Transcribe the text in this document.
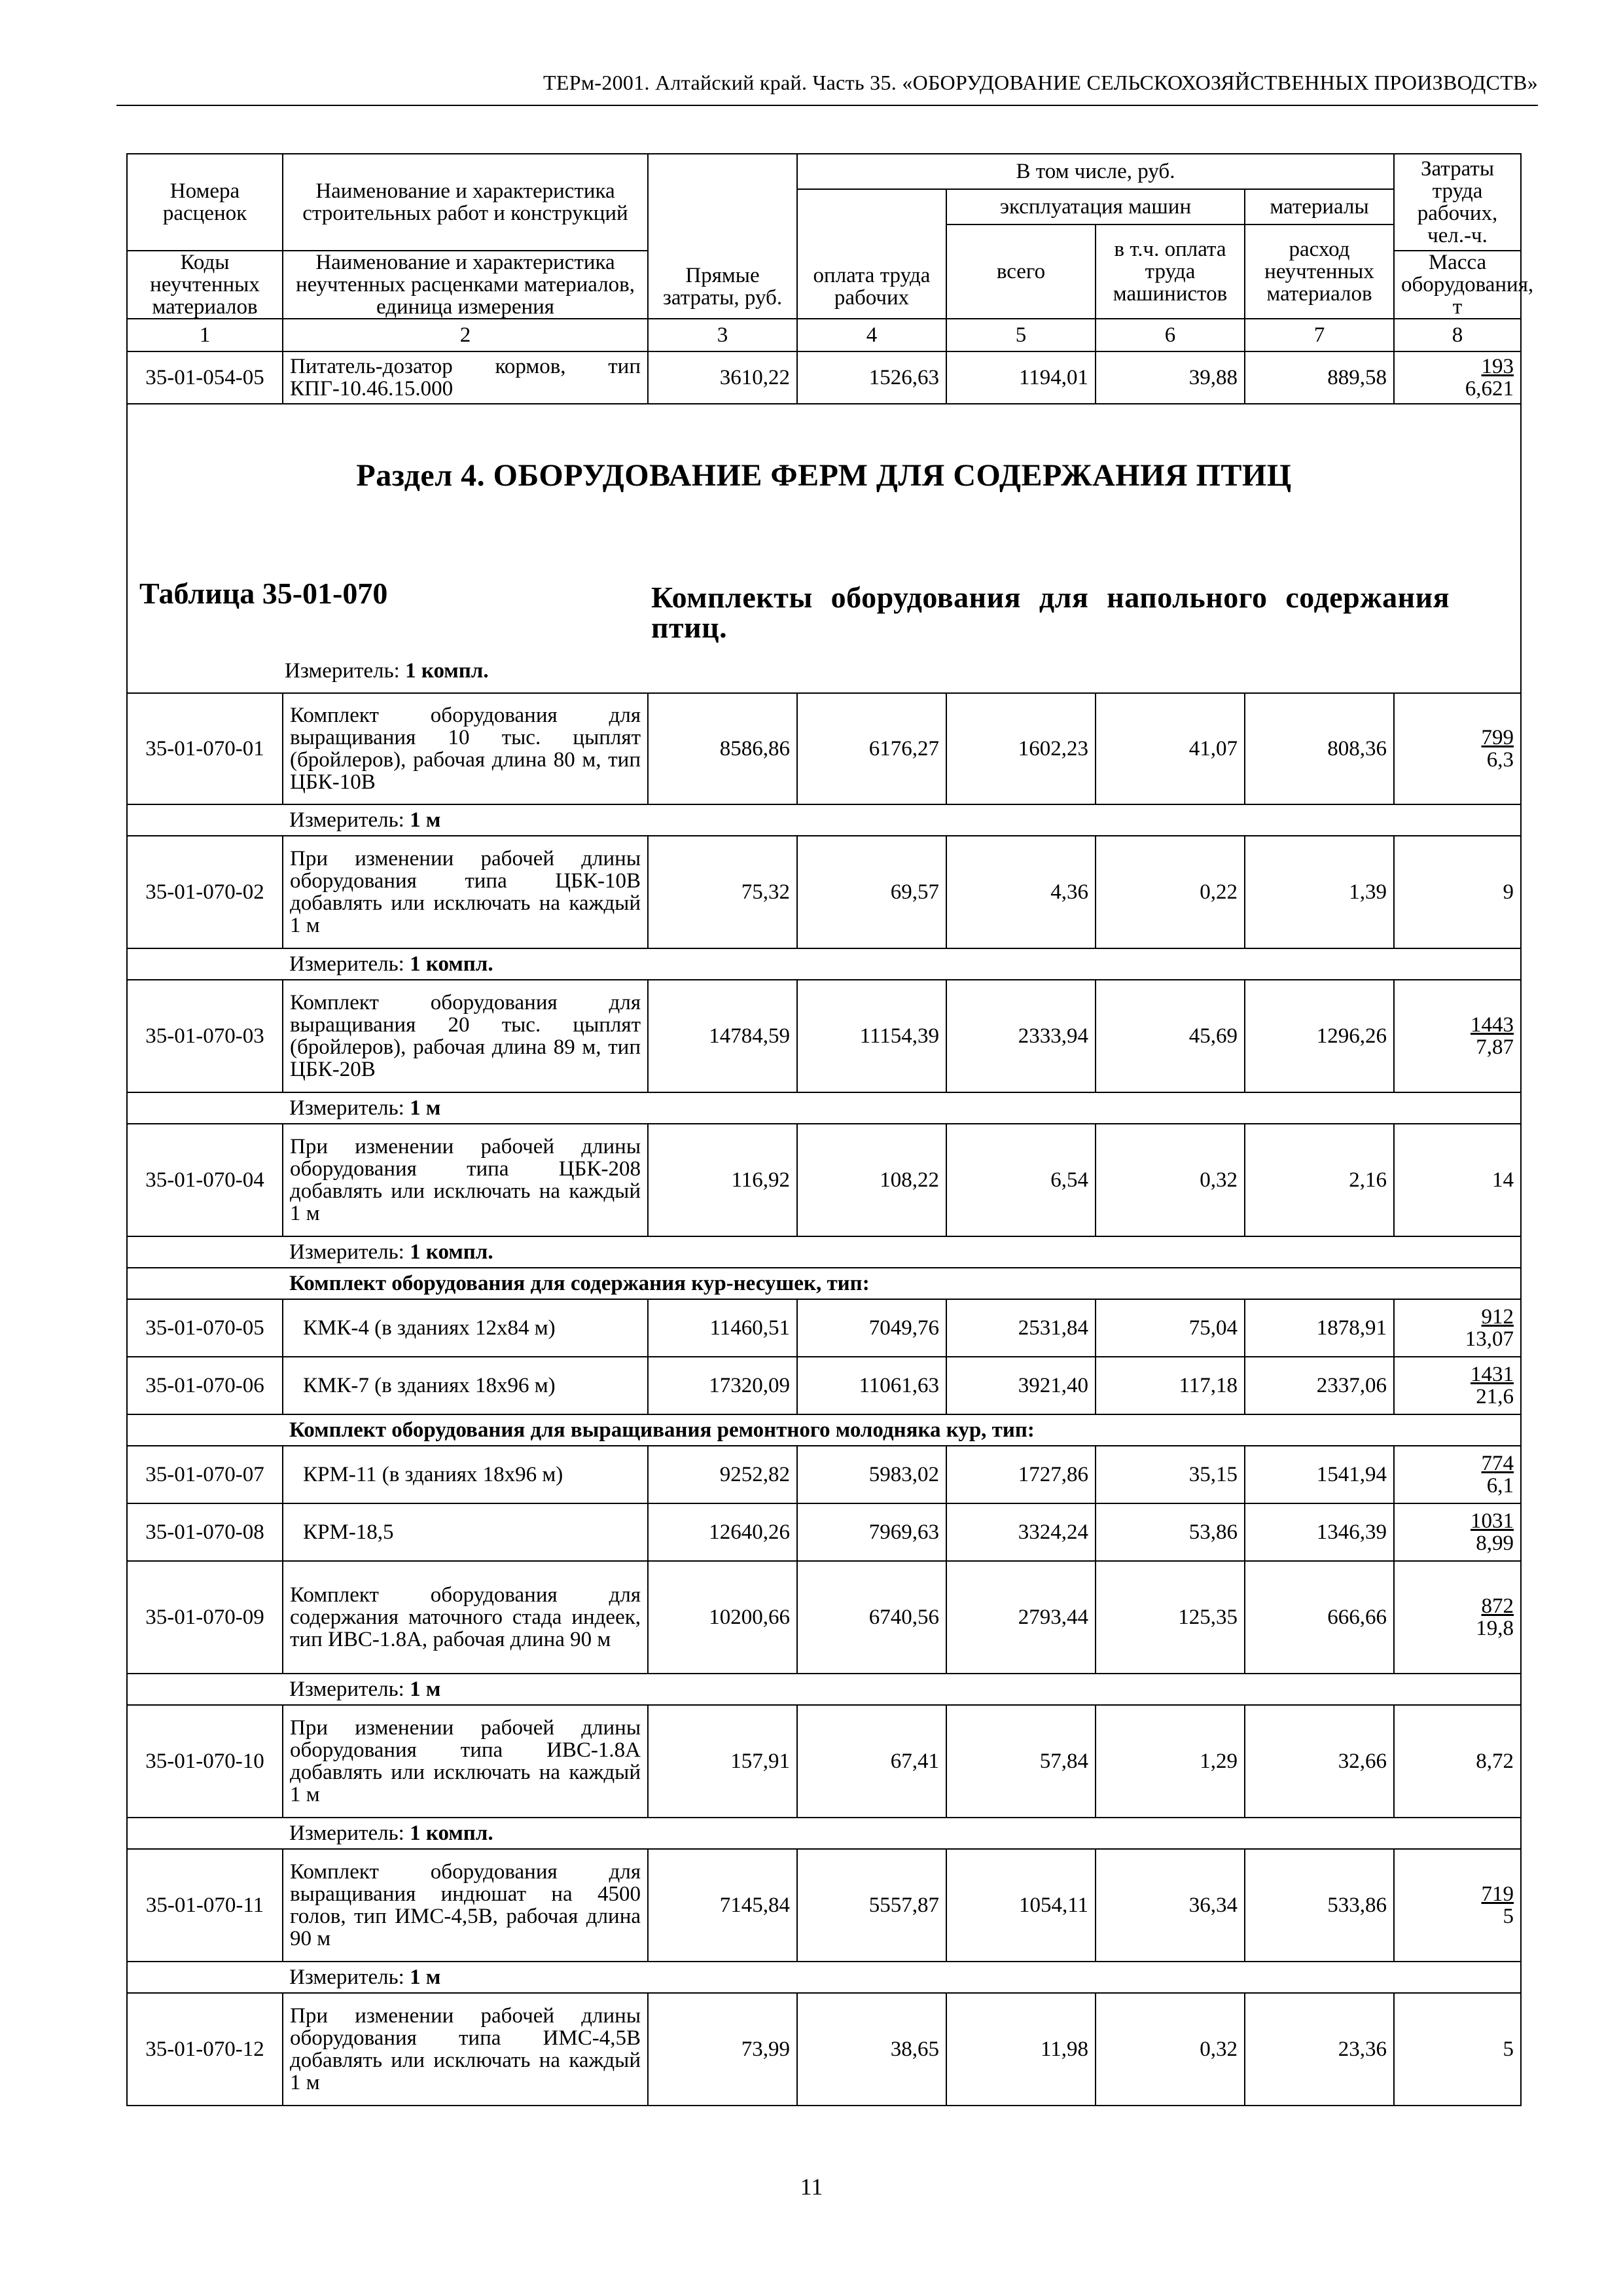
ТЕРм-2001. Алтайский край. Часть 35. «ОБОРУДОВАНИЕ СЕЛЬСКОХОЗЯЙСТВЕННЫХ ПРОИЗВОДСТВ»
Номера расценок	Наименование и характеристика строительных работ и конструкций	Прямые затраты, руб.	В том числе, руб.				Затраты труда рабочих, чел.-ч.
			оплата труда рабочих	эксплуатация машин		материалы	
				всего	в т.ч. оплата труда машинистов	расход неучтенных материалов	
Коды неучтенных материалов	Наименование и характеристика неучтенных расценками материалов, единица измерения						Масса оборудования, т

1	2	3	4	5	6	7	8
35-01-054-05	Питатель-дозатор кормов, тип КПГ-10.46.15.000	3610,22	1526,63	1194,01	39,88	889,58	$\frac{193}{6,621}$

Раздел 4. ОБОРУДОВАНИЕ ФЕРМ ДЛЯ СОДЕРЖАНИЯ ПТИЦ
Таблица 35-01-070 Комплекты оборудования для напольного содержания птиц.
Измеритель: 1 компл.							

35-01-070-01	Комплект оборудования для выращивания 10 тыс. цыплят (бройлеров), рабочая длина 80 м, тип ЦБК-10В	8586,86	6176,27	1602,23	41,07	808,36	$\frac{799}{6,3}$

	Измеритель: 1 м						
35-01-070-02	При изменении рабочей длины оборудования типа ЦБК-10В добавлять или исключать на каждый 1 м	75,32	69,57	4,36	0,22	1,39	9
	Измеритель: 1 компл.						
35-01-070-03	Комплект оборудования для выращивания 20 тыс. цыплят (бройлеров), рабочая длина 89 м, тип ЦБК-20В	14784,59	11154,39	2333,94	45,69	1296,26	$\frac{1443}{7,87}$

	Измеритель: 1 м						
35-01-070-04	При изменении рабочей длины оборудования типа ЦБК-208 добавлять или исключать на каждый 1 м	116,92	108,22	6,54	0,32	2,16	14
	Измеритель: 1 компл.						
	Комплект оборудования для содержания кур-несушек, тип:						
35-01-070-05	КМК-4 (в зданиях 12х84 м)	11460,51	7049,76	2531,84	75,04	1878,91	$\frac{912}{13,07}$

35-01-070-06	КМК-7 (в зданиях 18х96 м)	17320,09	11061,63	3921,40	117,18	2337,06	$\frac{1431}{21,6}$

	Комплект оборудования для выращивания ремонтного молодняка кур, тип:						
35-01-070-07	КРМ-11 (в зданиях 18х96 м)	9252,82	5983,02	1727,86	35,15	1541,94	$\frac{774}{6,1}$

35-01-070-08	КРМ-18,5	12640,26	7969,63	3324,24	53,86	1346,39	$\frac{1031}{8,99}$

35-01-070-09	Комплект оборудования для содержания маточного стада индеек, тип ИВС-1.8А, рабочая длина 90 м	10200,66	6740,56	2793,44	125,35	666,66	$\frac{872}{19,8}$

	Измеритель: 1 м						
35-01-070-10	При изменении рабочей длины оборудования типа ИВС-1.8А добавлять или исключать на каждый 1 м	157,91	67,41	57,84	1,29	32,66	8,72
	Измеритель: 1 компл.						
35-01-070-11	Комплект оборудования для выращивания индюшат на 4500 голов, тип ИМС-4,5В, рабочая длина 90 м	7145,84	5557,87	1054,11	36,34	533,86	$\frac{719}{5}$

	Измеритель: 1 м						
35-01-070-12	При изменении рабочей длины оборудования типа ИМС-4,5В добавлять или исключать на каждый 1 м	73,99	38,65	11,98	0,32	23,36	5
11
